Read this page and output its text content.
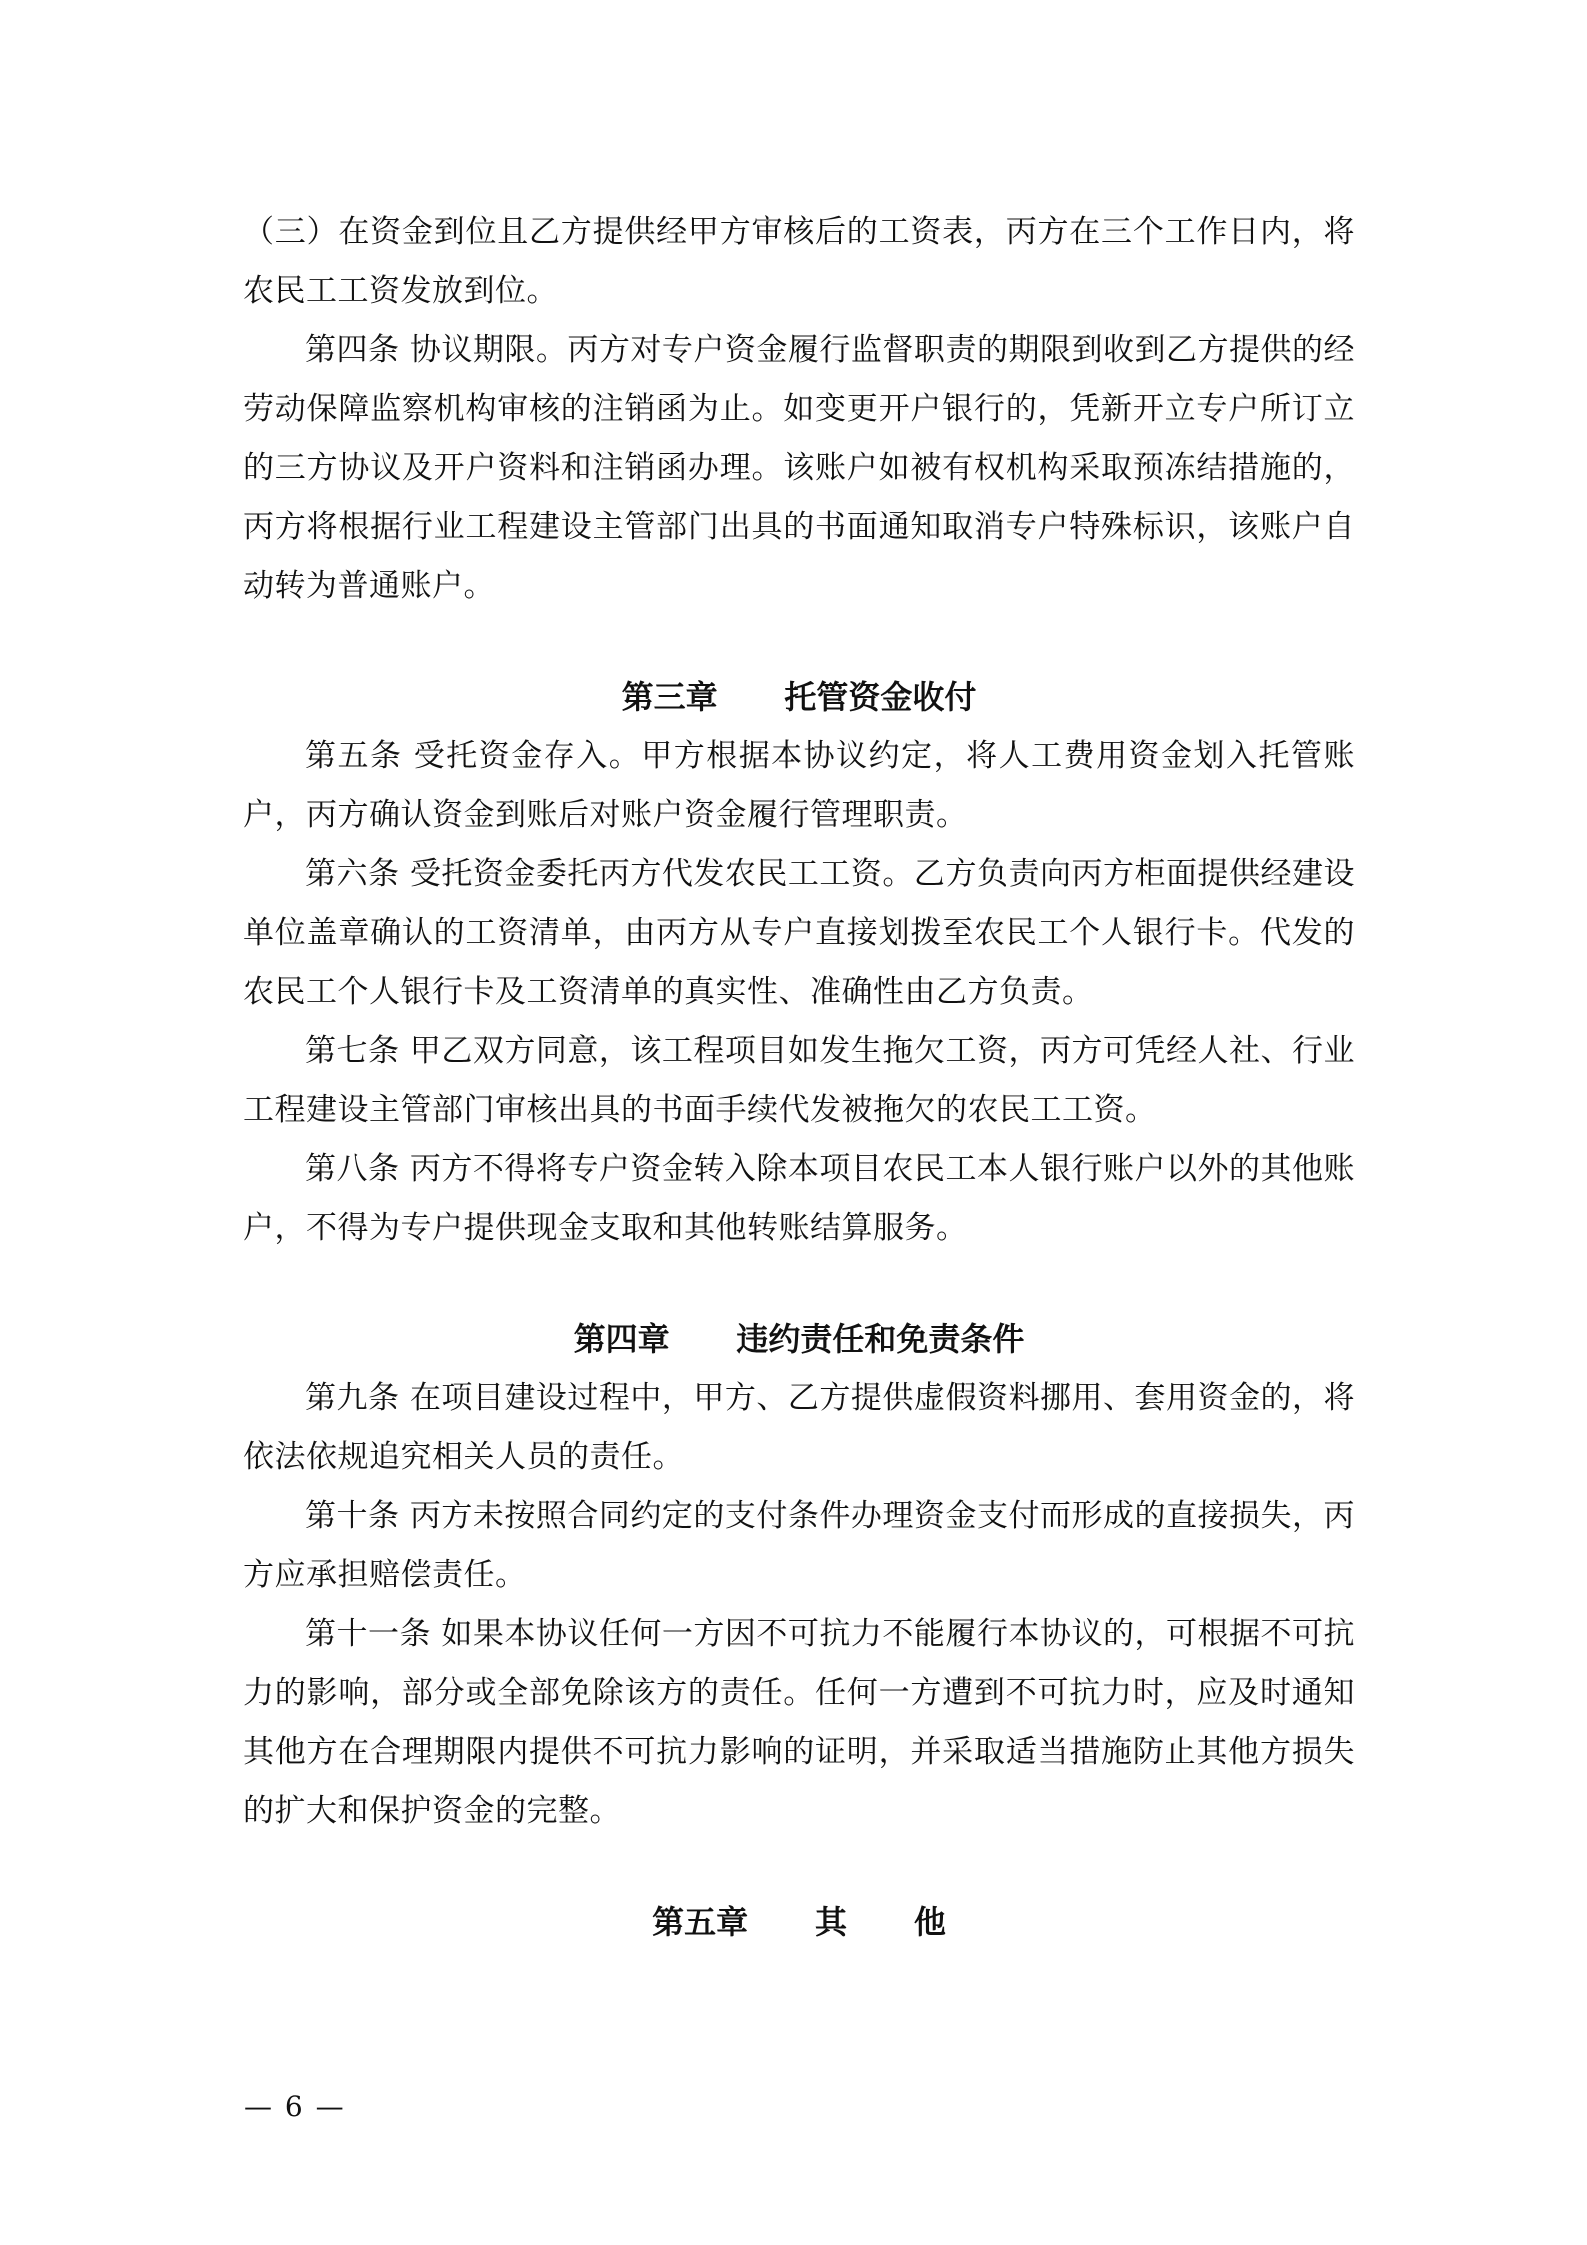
（三）在资金到位且乙方提供经甲方审核后的工资表，丙方在三个工作日内，将农民工工资发放到位。

第四条 协议期限。丙方对专户资金履行监督职责的期限到收到乙方提供的经劳动保障监察机构审核的注销函为止。如变更开户银行的，凭新开立专户所订立的三方协议及开户资料和注销函办理。该账户如被有权机构采取预冻结措施的，丙方将根据行业工程建设主管部门出具的书面通知取消专户特殊标识，该账户自动转为普通账户。

第三章      托管资金收付

第五条 受托资金存入。甲方根据本协议约定，将人工费用资金划入托管账户，丙方确认资金到账后对账户资金履行管理职责。

第六条 受托资金委托丙方代发农民工工资。乙方负责向丙方柜面提供经建设单位盖章确认的工资清单，由丙方从专户直接划拨至农民工个人银行卡。代发的农民工个人银行卡及工资清单的真实性、准确性由乙方负责。

第七条 甲乙双方同意，该工程项目如发生拖欠工资，丙方可凭经人社、行业工程建设主管部门审核出具的书面手续代发被拖欠的农民工工资。

第八条 丙方不得将专户资金转入除本项目农民工本人银行账户以外的其他账户，不得为专户提供现金支取和其他转账结算服务。

第四章      违约责任和免责条件

第九条 在项目建设过程中，甲方、乙方提供虚假资料挪用、套用资金的，将依法依规追究相关人员的责任。

第十条 丙方未按照合同约定的支付条件办理资金支付而形成的直接损失，丙方应承担赔偿责任。

第十一条 如果本协议任何一方因不可抗力不能履行本协议的，可根据不可抗力的影响，部分或全部免除该方的责任。任何一方遭到不可抗力时，应及时通知其他方在合理期限内提供不可抗力影响的证明，并采取适当措施防止其他方损失的扩大和保护资金的完整。

第五章      其      他

— 6 —
